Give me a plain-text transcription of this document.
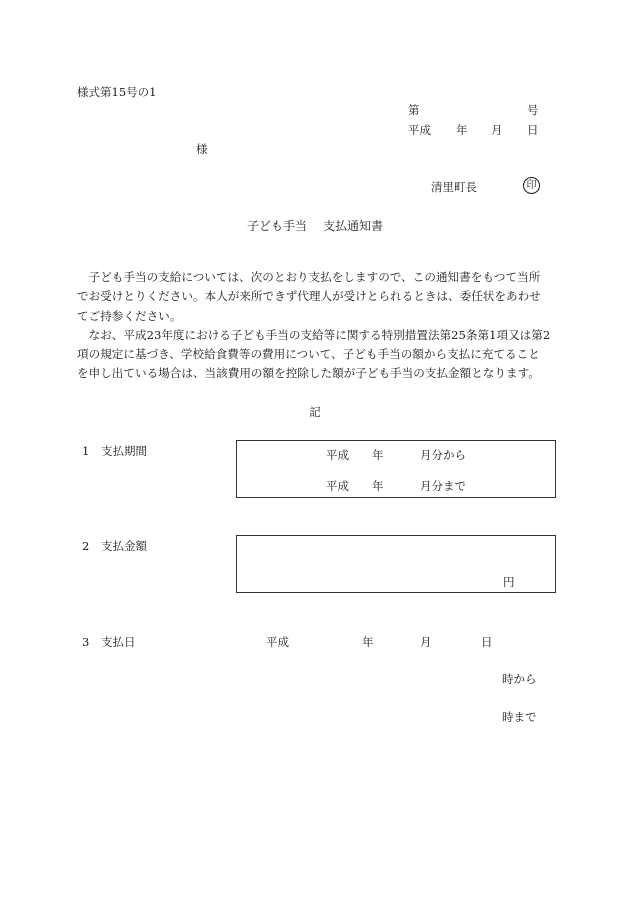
様式第15号の1
第	号
平成 年 月 日
様
清里町長	印
子ども手当 支払通知書
　子ども手当の支給については、次のとおり支払をしますので、この通知書をもつて当所
でお受けとりください。本人が来所できず代理人が受けとられるときは、委任状をあわせ
てご持参ください。
　なお、平成23年度における子ども手当の支給等に関する特別措置法第25条第1項又は第2
項の規定に基づき、学校給食費等の費用について、子ども手当の額から支払に充てること
を申し出ている場合は、当該費用の額を控除した額が子ども手当の支払金額となります。
記
1 支払期間	平成 年	月分から
平成 年	月分まで
2 支払金額
円
3 支払日	平成	年	月	日
時から
時まで
